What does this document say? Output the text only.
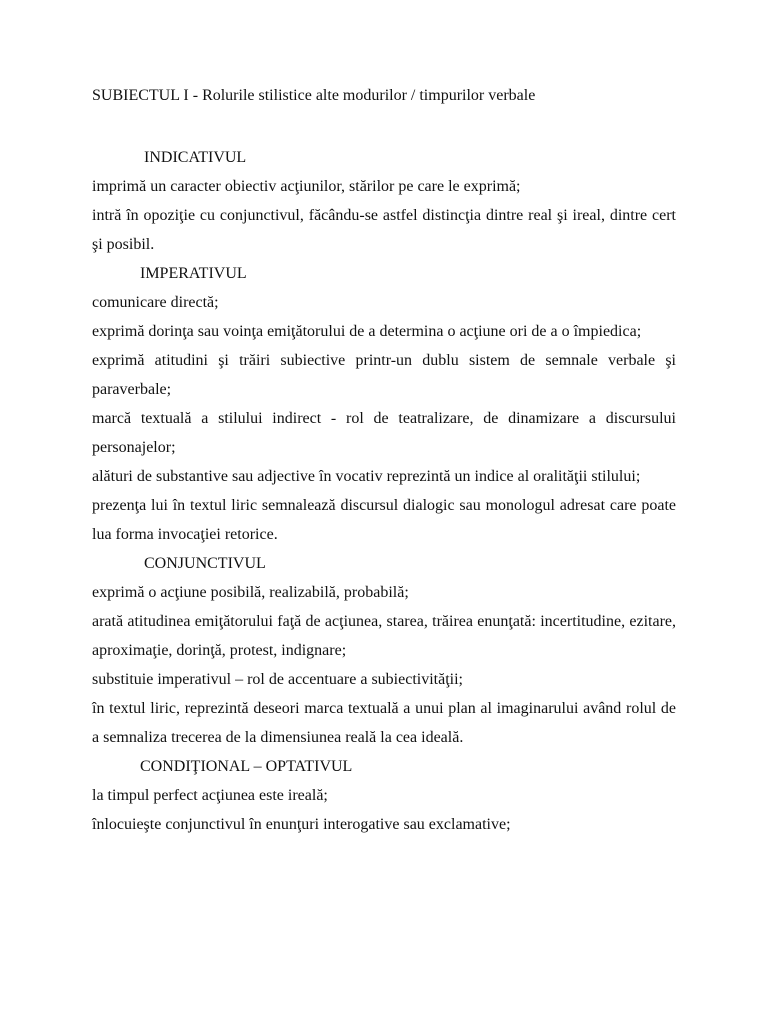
SUBIECTUL I - Rolurile stilistice alte modurilor / timpurilor verbale
INDICATIVUL

imprimă un caracter obiectiv acţiunilor, stărilor pe care le exprimă;

intră în opoziţie cu conjunctivul, făcându-se astfel distincţia dintre real şi ireal, dintre cert şi posibil.

IMPERATIVUL

comunicare directă;

exprimă dorinţa sau voinţa emiţătorului de a determina o acţiune ori de a o împiedica;

exprimă atitudini şi trăiri subiective printr-un dublu sistem de semnale verbale şi paraverbale;

marcă textuală a stilului indirect - rol de teatralizare, de dinamizare a discursului personajelor;

alături de substantive sau adjective în vocativ reprezintă un indice al oralităţii stilului;

prezenţa lui în textul liric semnalează discursul dialogic sau monologul adresat care poate lua forma invocaţiei retorice.

CONJUNCTIVUL

exprimă o acţiune posibilă, realizabilă, probabilă;

arată atitudinea emiţătorului faţă de acţiunea, starea, trăirea enunţată: incertitudine, ezitare, aproximaţie, dorinţă, protest, indignare;

substituie imperativul – rol de accentuare a subiectivităţii;

în textul liric, reprezintă deseori marca textuală a unui plan al imaginarului având rolul de a semnaliza trecerea de la dimensiunea reală la cea ideală.

CONDIŢIONAL – OPTATIVUL

la timpul perfect acţiunea este ireală;

înlocuieşte conjunctivul în enunţuri interogative sau exclamative;
